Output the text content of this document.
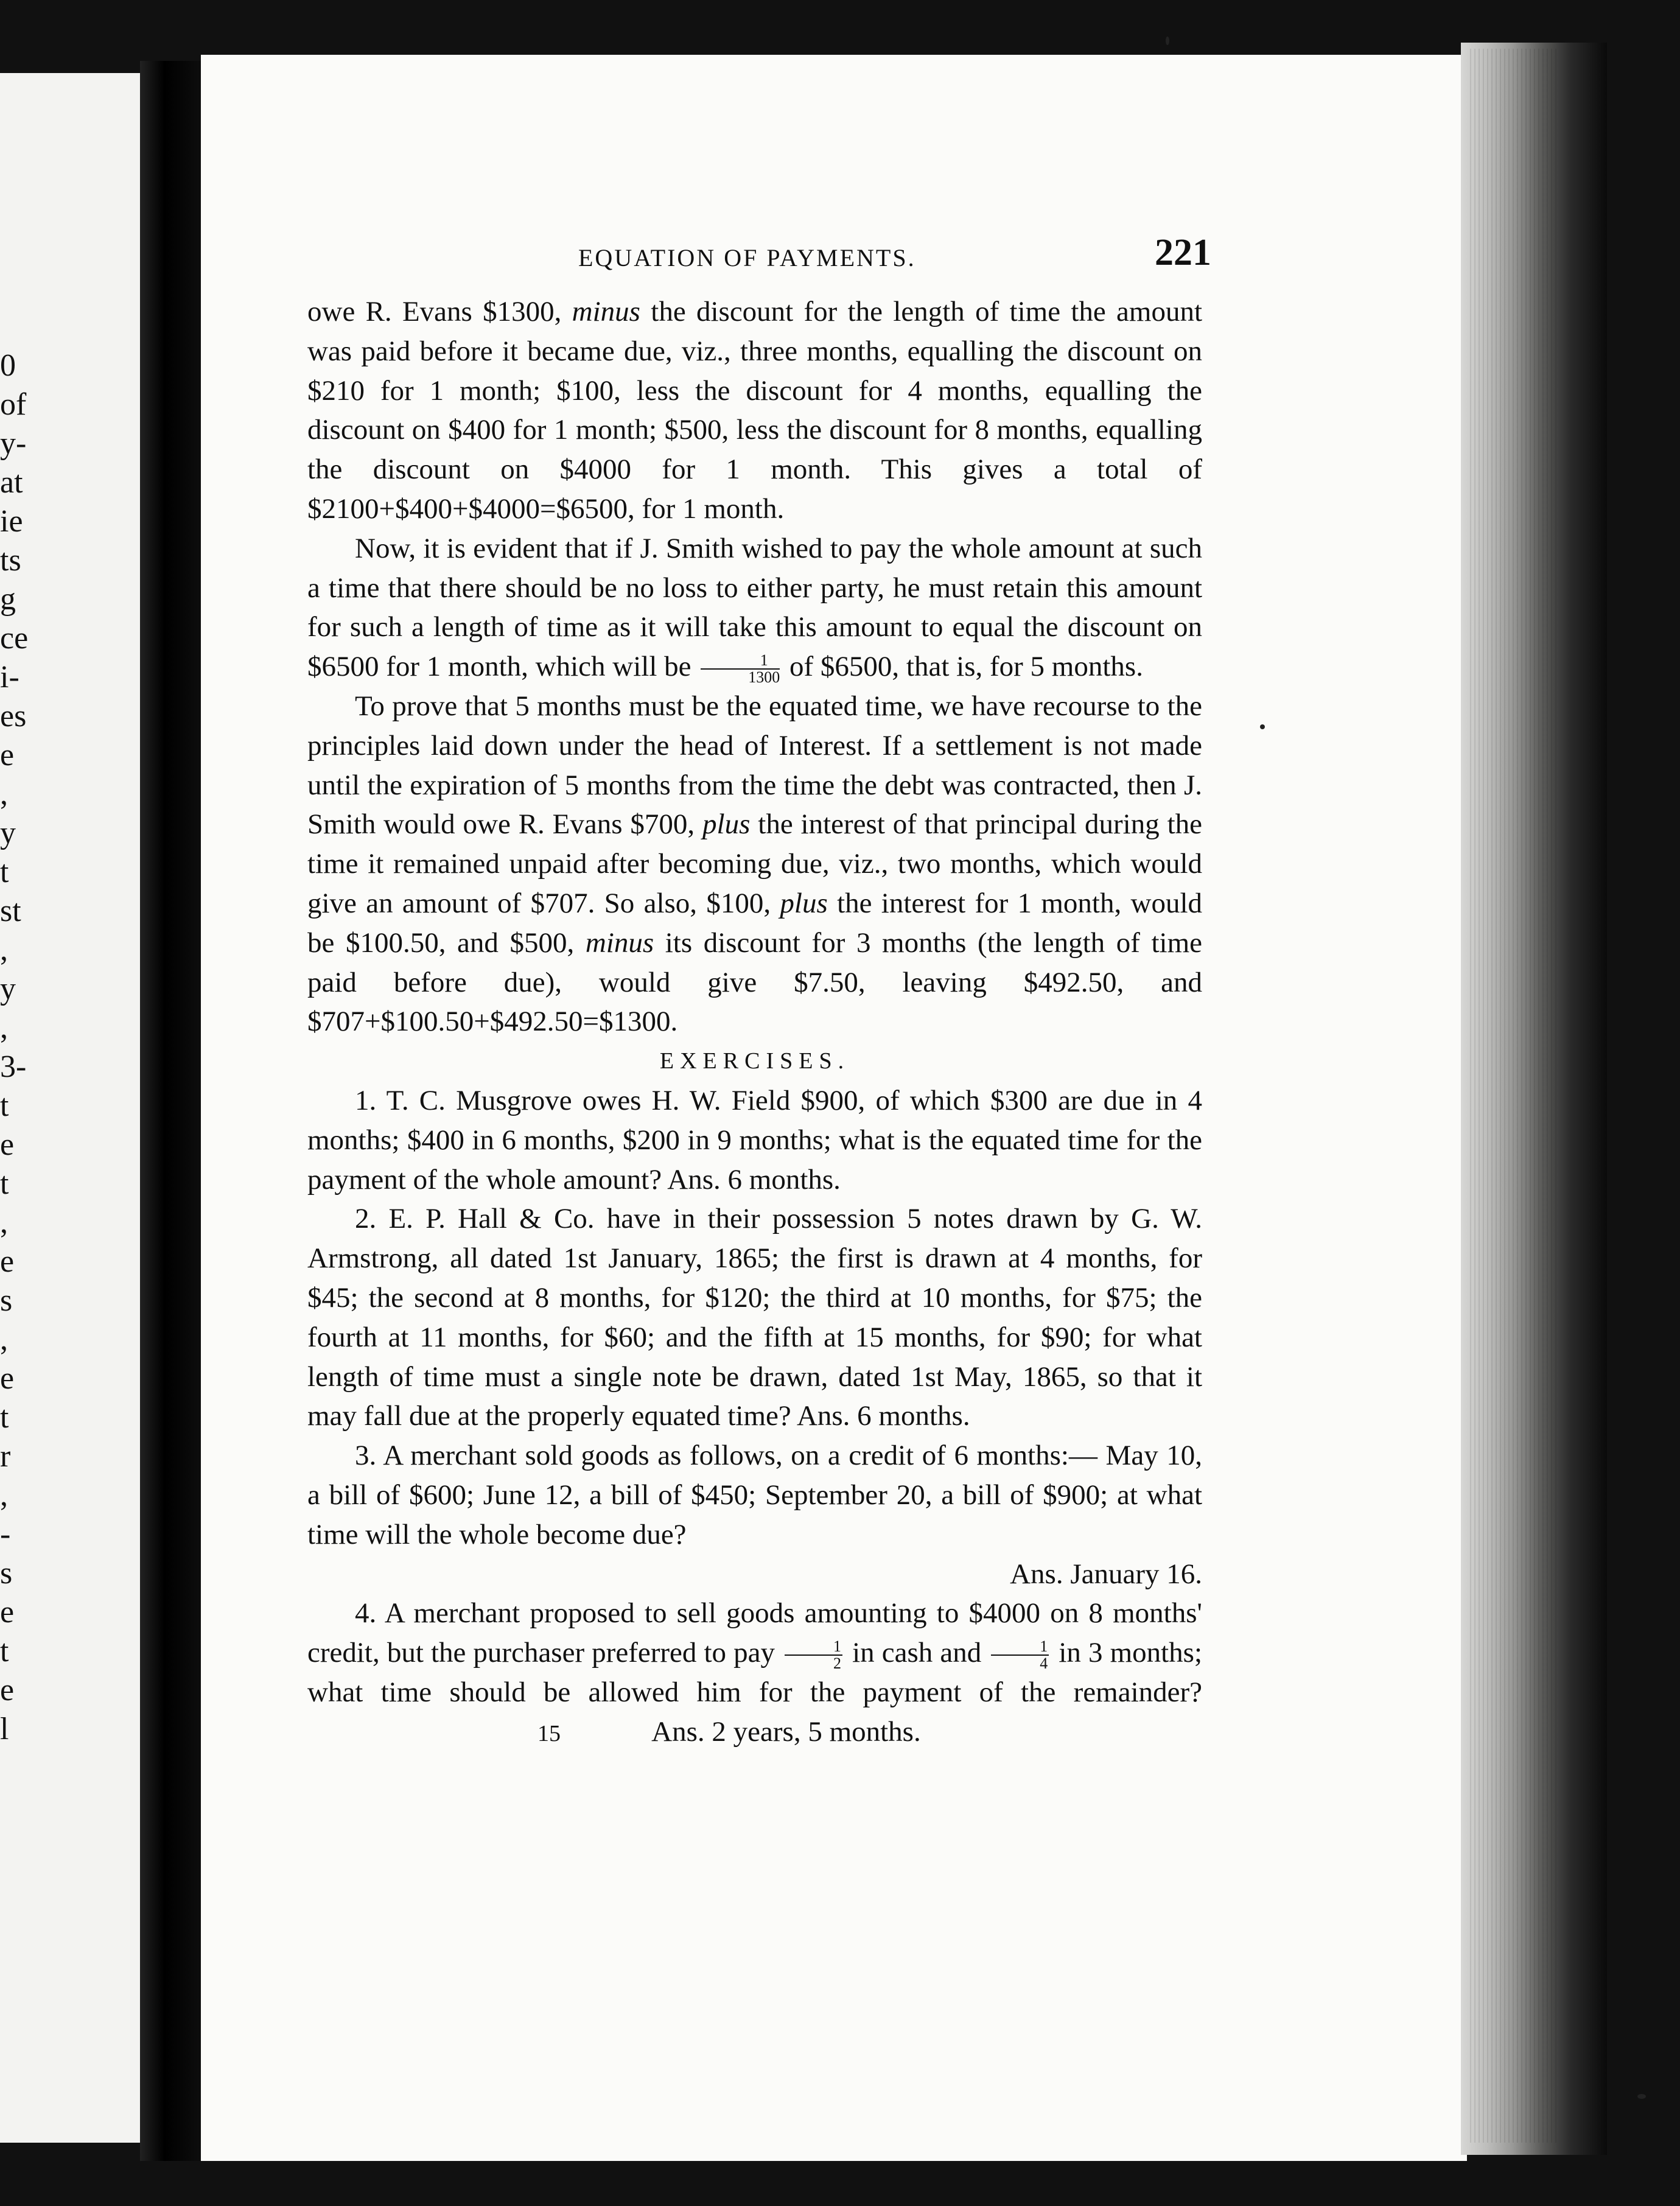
0
of
y-
at
ie
ts
g
ce
i-
es
e
,
y
t
st
,
y
,
3-
t
e
t
,
e
s
,
e
t
r
,
-
s
e
t
e
l
EQUATION OF PAYMENTS.	221

owe R. Evans $1300, minus the discount for the length of time the amount was paid before it became due, viz., three months, equalling the discount on $210 for 1 month; $100, less the discount for 4 months, equalling the discount on $400 for 1 month; $500, less the discount for 8 months, equalling the discount on $4000 for 1 month. This gives a total of $2100+$400+$4000=$6500, for 1 month.

Now, it is evident that if J. Smith wished to pay the whole amount at such a time that there should be no loss to either party, he must retain this amount for such a length of time as it will take this amount to equal the discount on $6500 for 1 month, which will be $\frac{1}{1300}$ of $6500, that is, for 5 months.

To prove that 5 months must be the equated time, we have recourse to the principles laid down under the head of Interest. If a settlement is not made until the expiration of 5 months from the time the debt was contracted, then J. Smith would owe R. Evans $700, plus the interest of that principal during the time it remained unpaid after becoming due, viz., two months, which would give an amount of $707. So also, $100, plus the interest for 1 month, would be $100.50, and $500, minus its discount for 3 months (the length of time paid before due), would give $7.50, leaving $492.50, and $707+$100.50+$492.50=$1300.

EXERCISES.

1. T. C. Musgrove owes H. W. Field $900, of which $300 are due in 4 months; $400 in 6 months, $200 in 9 months; what is the equated time for the payment of the whole amount? Ans. 6 months.

2. E. P. Hall & Co. have in their possession 5 notes drawn by G. W. Armstrong, all dated 1st January, 1865; the first is drawn at 4 months, for $45; the second at 8 months, for $120; the third at 10 months, for $75; the fourth at 11 months, for $60; and the fifth at 15 months, for $90; for what length of time must a single note be drawn, dated 1st May, 1865, so that it may fall due at the properly equated time? Ans. 6 months.

3. A merchant sold goods as follows, on a credit of 6 months:— May 10, a bill of $600; June 12, a bill of $450; September 20, a bill of $900; at what time will the whole become due?
Ans. January 16.

4. A merchant proposed to sell goods amounting to $4000 on 8 months' credit, but the purchaser preferred to pay $\frac{1}{2}$ in cash and $\frac{1}{4}$ in 3 months; what time should be allowed him for the payment of the remainder? 15	Ans. 2 years, 5 months.
